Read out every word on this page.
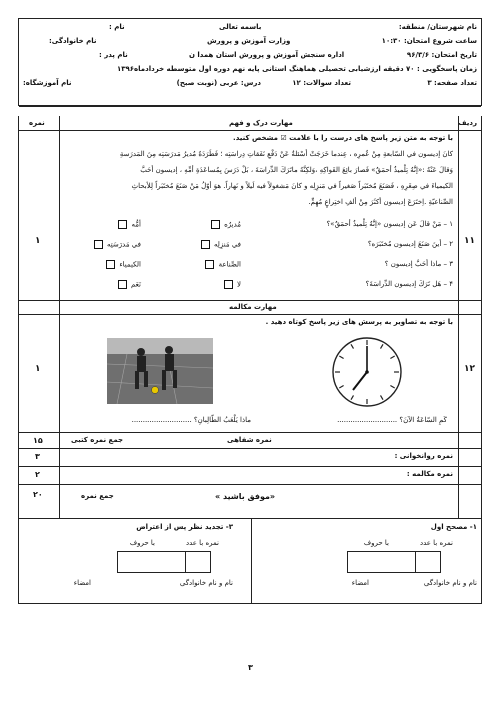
باسمه تعالی
وزارت آموزش و پرورش
اداره سنجش آموزش و پرورش استان همدا ن
نام شهرستان/ منطقه:
ساعت شروع امتحان: ۱۰:۳۰
تاریخ امتحان: ۹۶/۳/۶
زمان پاسخگویی : ۷۰ دقیقه ارزشیابی تحصیلی هماهنگ استانی پایه نهم دوره اول متوسطه خردادماه۱۳۹۶
تعداد صفحه: ۳
تعداد سوالات: ۱۲
درس: عربی (نوبت صبح)
نام :
نام خانوادگی:
نام پدر :
نام آموزشگاه:
ردیف
نمره	مهارت درک و فهم
۱۱
۱
با توجه به متن زیر پاسخ های درست را با علامت ☑ مشخص کنید.
كانَ إديسون في السّابعةِ مِنْ عُمرِه ، عِندما خَرَجَتْ أسْئلةٌ عَنْ دَفْعِ نَفَقاتِ دِراسَتِه ؛ فَطَرَدَهُ مُديرُ مَدرَسَتِه مِنَ المَدرَسةِ
وَقالَ عَنْهُ :«إنَّهُ تِلْميذٌ أحمَقٌ» فَصارَ بائِعَ الفَواكِهِ ،وَلكِنَّهُ ماتَرَكَ الدِّراسَةَ ، بَلْ دَرَسَ بِمُساعَدَةِ أمِّهِ ، إديسون أحَبَّ
الكيمياءَ في صِغَرِهِ ، فَصَنَعَ مُختَبَراً صَغيراً في مَنزِلِه و كانَ مَشغولاً فيه لَيلاً و نَهاراً. هوَ أوّلُ مَنْ صَنَعَ مُختَبَراً لِلأبحاثِ
الصِّناعيّةِ .اِختَرَعَ إديسون أكثَرَ مِنْ ألفِ اختِراعٍ مُهِمٍّ.
۱ – مَنْ قالَ عَن إديسون «إنَّهُ تِلْميذٌ أحمَقٌ»؟
مُديرُه
أمُّه
۲ – أينَ صَنَعَ إديسون مُختَبَرَه؟
في مَنزِلِه
في مَدرَسَتِه
۳ – ماذا أحَبَّ إديسون ؟
الصِّناعة
الكيمياء
۴ – هَل تَرَكَ إديسون الدِّراسَةَ؟
لا
نَعَم
مهارت مکالمه
۱۲
۱
با توجه به تصاویر به پرسش های زیر پاسخ کوتاه دهید .
كَمِ السّاعَةُ الآنَ؟ ...........................
ماذا يَلْعَبُ الطّالِبانِ؟ ...........................
نمره شفاهی
جمع نمره کتبی
۱۵
نمره روانخوانی :
۳
نمره مکالمه :
۲
«موفق باشید »
جمع نمره
۲۰
۱- مصحح اول
۳- تجدید نظر پس از اعتراض
نمره با عدد
با حروف
نام و نام خانوادگی
امضاء
نمره با عدد
با حروف
نام و نام خانوادگی
امضاء
۳
